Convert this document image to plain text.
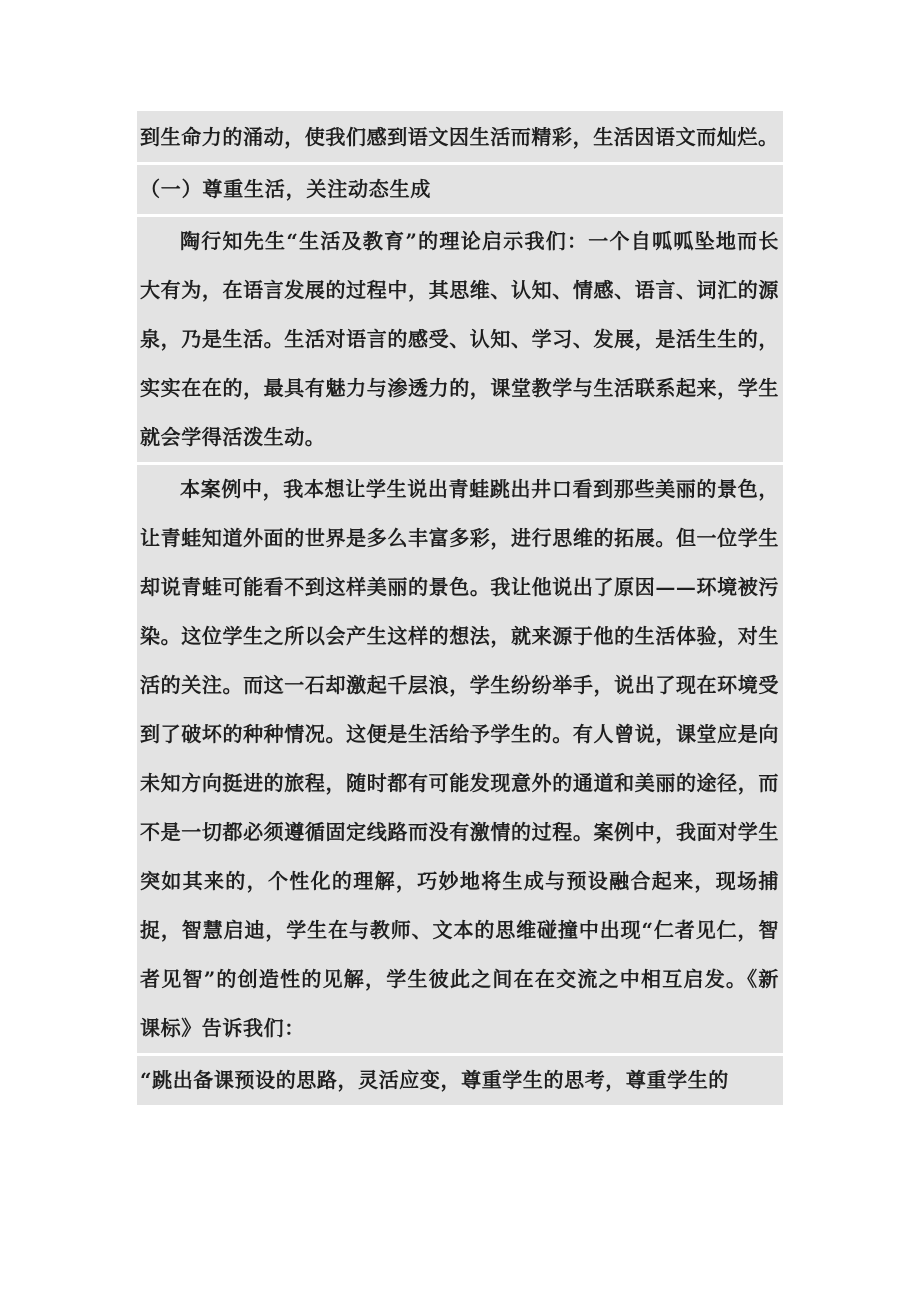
到生命力的涌动，使我们感到语文因生活而精彩，生活因语文而灿烂。

（一）尊重生活，关注动态生成

陶行知先生“生活及教育”的理论启示我们：一个自呱呱坠地而长大有为，在语言发展的过程中，其思维、认知、情感、语言、词汇的源泉，乃是生活。生活对语言的感受、认知、学习、发展，是活生生的，实实在在的，最具有魅力与渗透力的，课堂教学与生活联系起来，学生就会学得活泼生动。

本案例中，我本想让学生说出青蛙跳出井口看到那些美丽的景色，让青蛙知道外面的世界是多么丰富多彩，进行思维的拓展。但一位学生却说青蛙可能看不到这样美丽的景色。我让他说出了原因——环境被污染。这位学生之所以会产生这样的想法，就来源于他的生活体验，对生活的关注。而这一石却激起千层浪，学生纷纷举手，说出了现在环境受到了破坏的种种情况。这便是生活给予学生的。有人曾说，课堂应是向未知方向挺进的旅程，随时都有可能发现意外的通道和美丽的途径，而不是一切都必须遵循固定线路而没有激情的过程。案例中，我面对学生突如其来的，个性化的理解，巧妙地将生成与预设融合起来，现场捕捉，智慧启迪，学生在与教师、文本的思维碰撞中出现“仁者见仁，智者见智”的创造性的见解，学生彼此之间在在交流之中相互启发。《新课标》告诉我们：

“跳出备课预设的思路，灵活应变，尊重学生的思考，尊重学生的
